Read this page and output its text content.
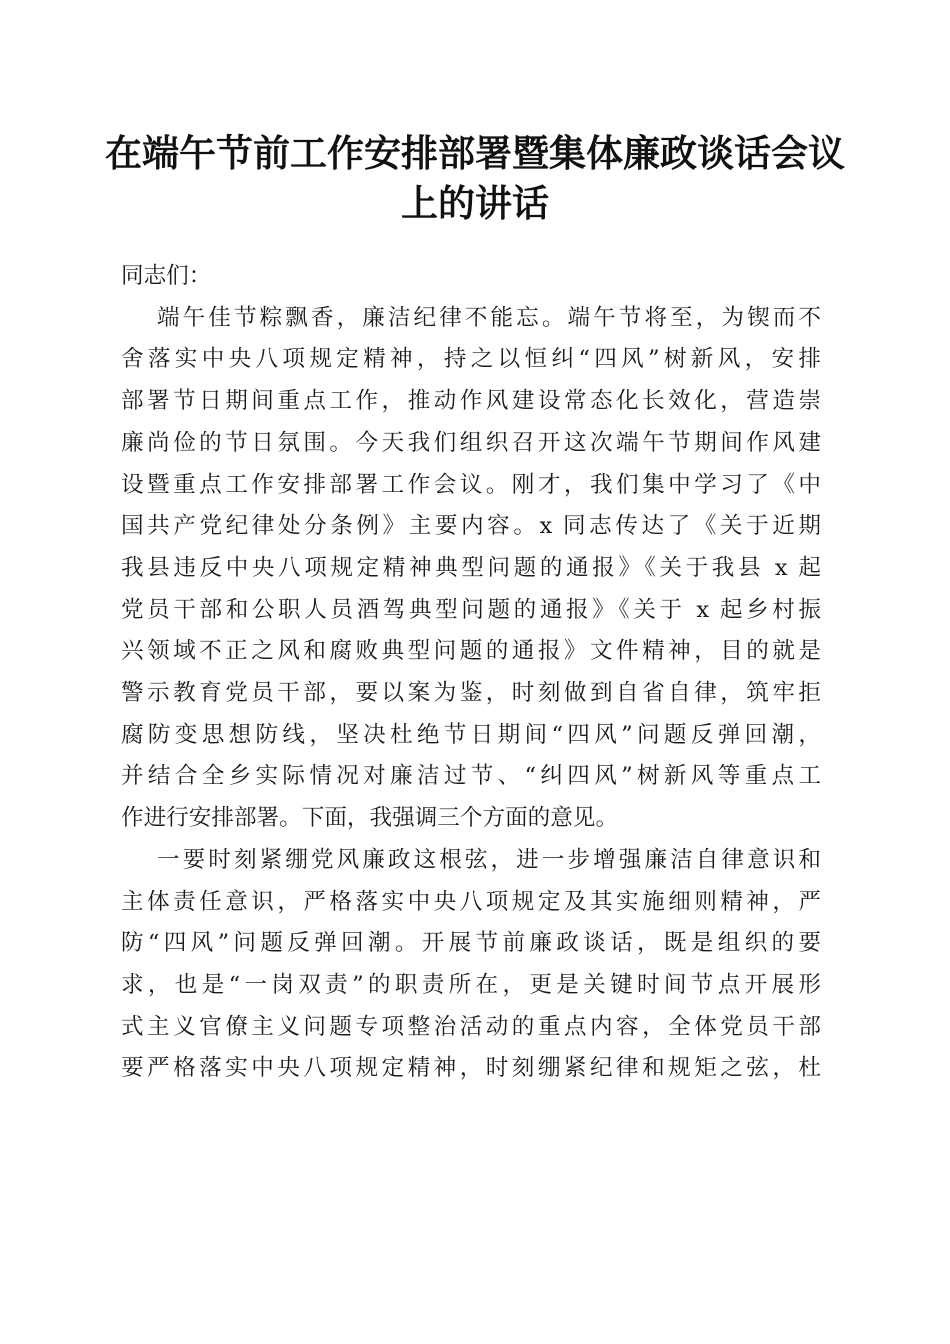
在端午节前工作安排部署暨集体廉政谈话会议
上的讲话

同志们：

端午佳节粽飘香，廉洁纪律不能忘。端午节将至，为锲而不
舍落实中央八项规定精神，持之以恒纠“四风”树新风，安排
部署节日期间重点工作，推动作风建设常态化长效化，营造崇
廉尚俭的节日氛围。今天我们组织召开这次端午节期间作风建
设暨重点工作安排部署工作会议。刚才，我们集中学习了《中
国共产党纪律处分条例》主要内容。x 同志传达了《关于近期
我县违反中央八项规定精神典型问题的通报》《关于我县 x 起
党员干部和公职人员酒驾典型问题的通报》《关于 x 起乡村振
兴领域不正之风和腐败典型问题的通报》文件精神，目的就是
警示教育党员干部，要以案为鉴，时刻做到自省自律，筑牢拒
腐防变思想防线，坚决杜绝节日期间“四风”问题反弹回潮，
并结合全乡实际情况对廉洁过节、“纠四风”树新风等重点工
作进行安排部署。下面，我强调三个方面的意见。
一要时刻紧绷党风廉政这根弦，进一步增强廉洁自律意识和
主体责任意识，严格落实中央八项规定及其实施细则精神，严
防“四风”问题反弹回潮。开展节前廉政谈话，既是组织的要
求，也是“一岗双责”的职责所在，更是关键时间节点开展形
式主义官僚主义问题专项整治活动的重点内容，全体党员干部
要严格落实中央八项规定精神，时刻绷紧纪律和规矩之弦，杜
